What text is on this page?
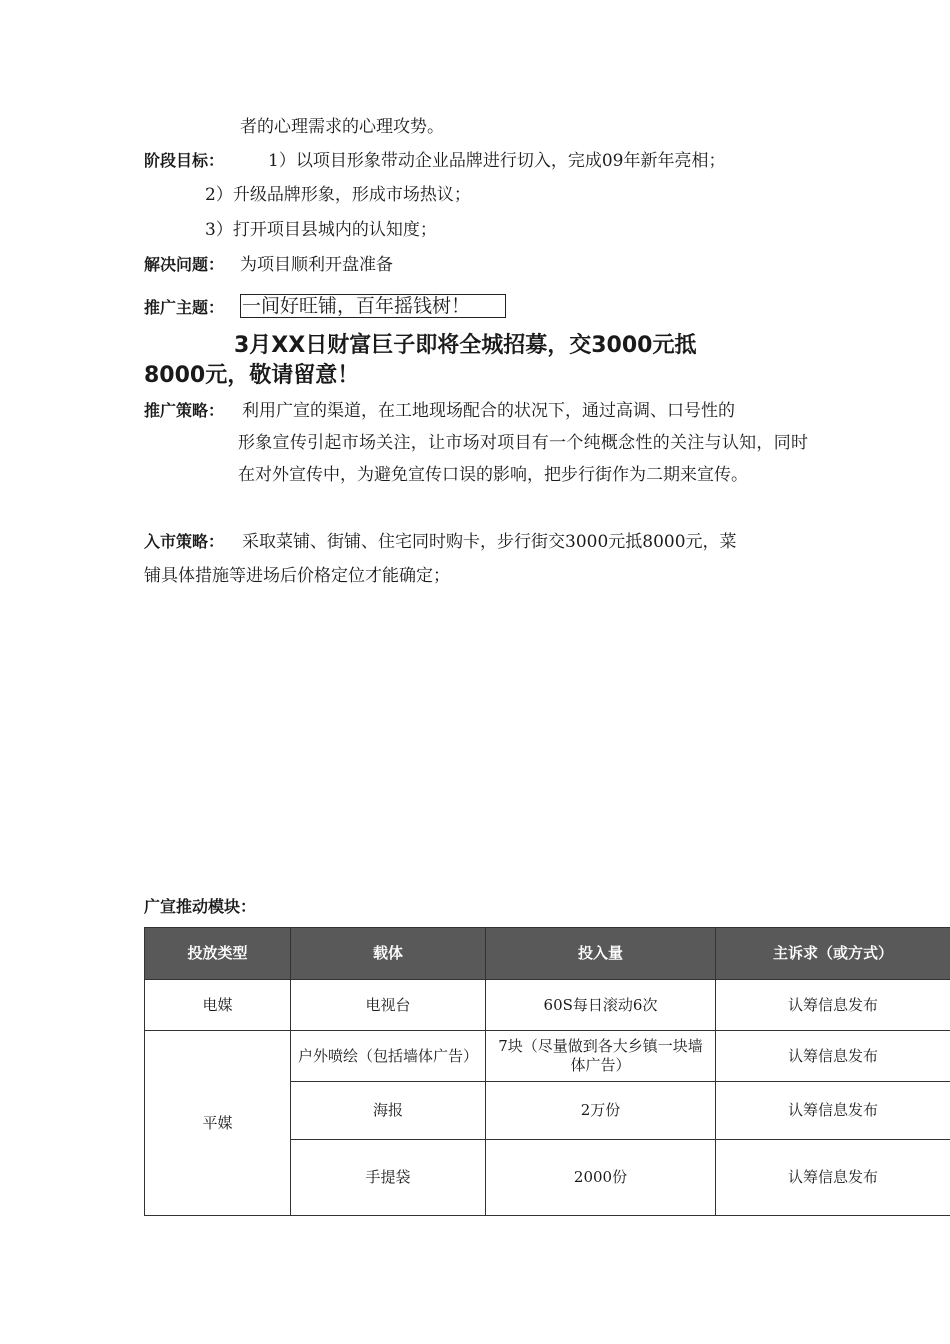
者的心理需求的心理攻势。
阶段目标：	1）以项目形象带动企业品牌进行切入，完成09年新年亮相；
2）升级品牌形象，形成市场热议；
3）打开项目县城内的认知度；
解决问题： 为项目顺利开盘准备
推广主题： 一间好旺铺，百年摇钱树！
3月XX日财富巨子即将全城招募，交3000元抵
8000元，敬请留意！
推广策略： 利用广宣的渠道，在工地现场配合的状况下，通过高调、口号性的
形象宣传引起市场关注，让市场对项目有一个纯概念性的关注与认知，同时在对外宣传中，为避免宣传口误的影响，把步行街作为二期来宣传。
入市策略： 采取菜铺、街铺、住宅同时购卡，步行街交3000元抵8000元，菜
铺具体措施等进场后价格定位才能确定；
广宣推动模块：
投放类型	载体	投入量	主诉求（或方式）
电媒	电视台	60S每日滚动6次	认筹信息发布
平媒	户外喷绘（包括墙体广告）	7块（尽量做到各大乡镇一块墙体广告）	认筹信息发布
	海报	2万份	认筹信息发布
	手提袋	2000份	认筹信息发布
